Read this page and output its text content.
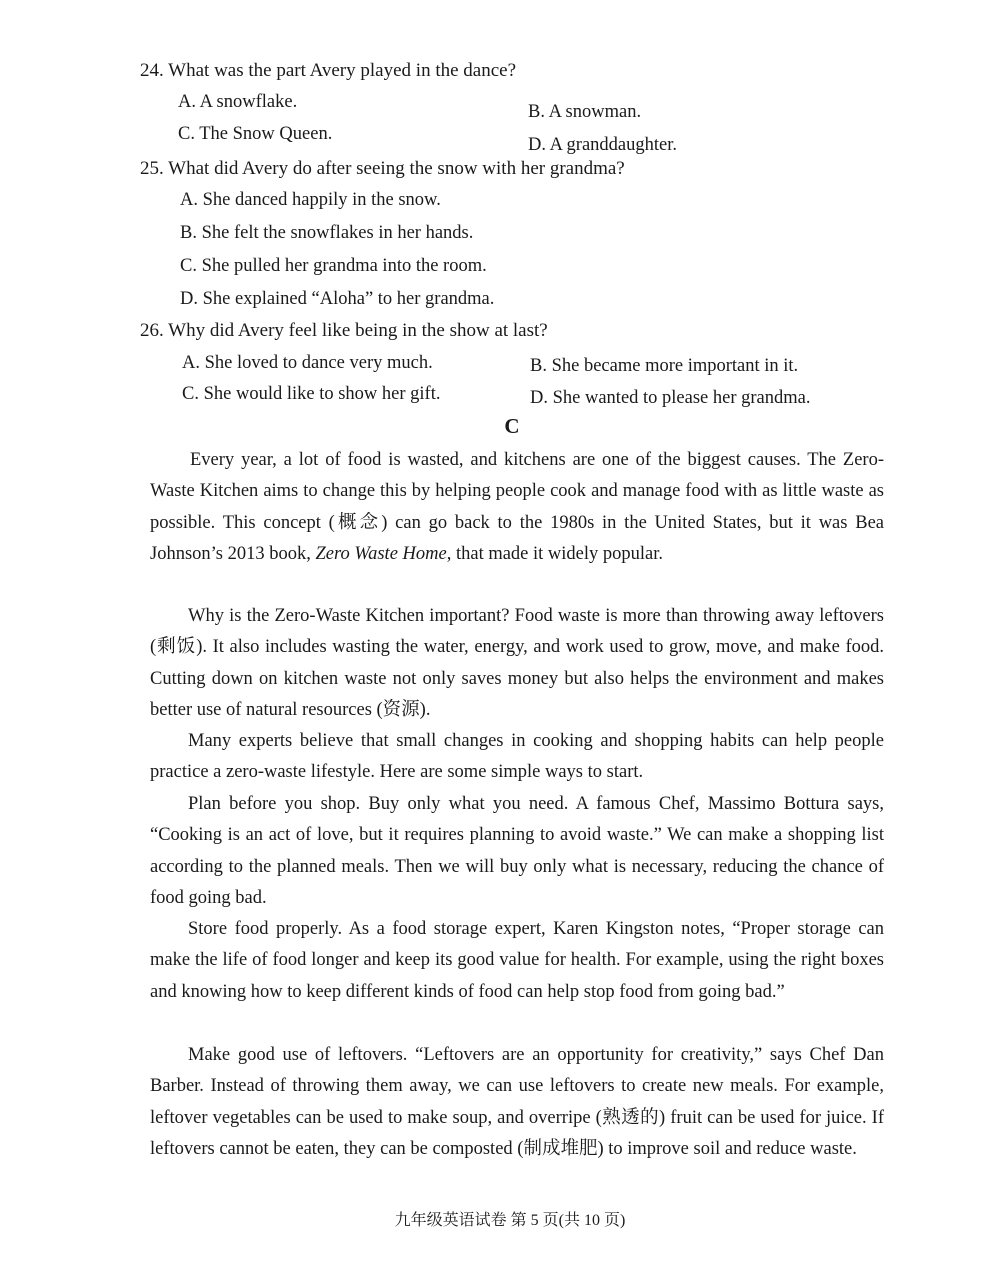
24. What was the part Avery played in the dance?
A. A snowflake.	B. A snowman.
C. The Snow Queen.
D. A granddaughter.
25. What did Avery do after seeing the snow with her grandma?
A. She danced happily in the snow.
B. She felt the snowflakes in her hands.
C. She pulled her grandma into the room.
D. She explained “Aloha” to her grandma.
26. Why did Avery feel like being in the show at last?
A. She loved to dance very much.	B. She became more important in it.
C. She would like to show her gift.	D. She wanted to please her grandma.
C
Every year, a lot of food is wasted, and kitchens are one of the biggest causes. The Zero-Waste Kitchen aims to change this by helping people cook and manage food with as little waste as possible. This concept (概念) can go back to the 1980s in the United States, but it was Bea Johnson’s 2013 book, Zero Waste Home, that made it widely popular.
Why is the Zero-Waste Kitchen important? Food waste is more than throwing away leftovers (剩饭). It also includes wasting the water, energy, and work used to grow, move, and make food. Cutting down on kitchen waste not only saves money but also helps the environment and makes better use of natural resources (资源).
Many experts believe that small changes in cooking and shopping habits can help people practice a zero-waste lifestyle. Here are some simple ways to start.
Plan before you shop. Buy only what you need. A famous Chef, Massimo Bottura says, “Cooking is an act of love, but it requires planning to avoid waste.” We can make a shopping list according to the planned meals. Then we will buy only what is necessary, reducing the chance of food going bad.
Store food properly. As a food storage expert, Karen Kingston notes, “Proper storage can make the life of food longer and keep its good value for health. For example, using the right boxes and knowing how to keep different kinds of food can help stop food from going bad.”
Make good use of leftovers. “Leftovers are an opportunity for creativity,” says Chef Dan Barber. Instead of throwing them away, we can use leftovers to create new meals. For example, leftover vegetables can be used to make soup, and overripe (熟透的) fruit can be used for juice. If leftovers cannot be eaten, they can be composted (制成堆肥) to improve soil and reduce waste.
九年级英语试卷 第 5 页(共 10 页)
